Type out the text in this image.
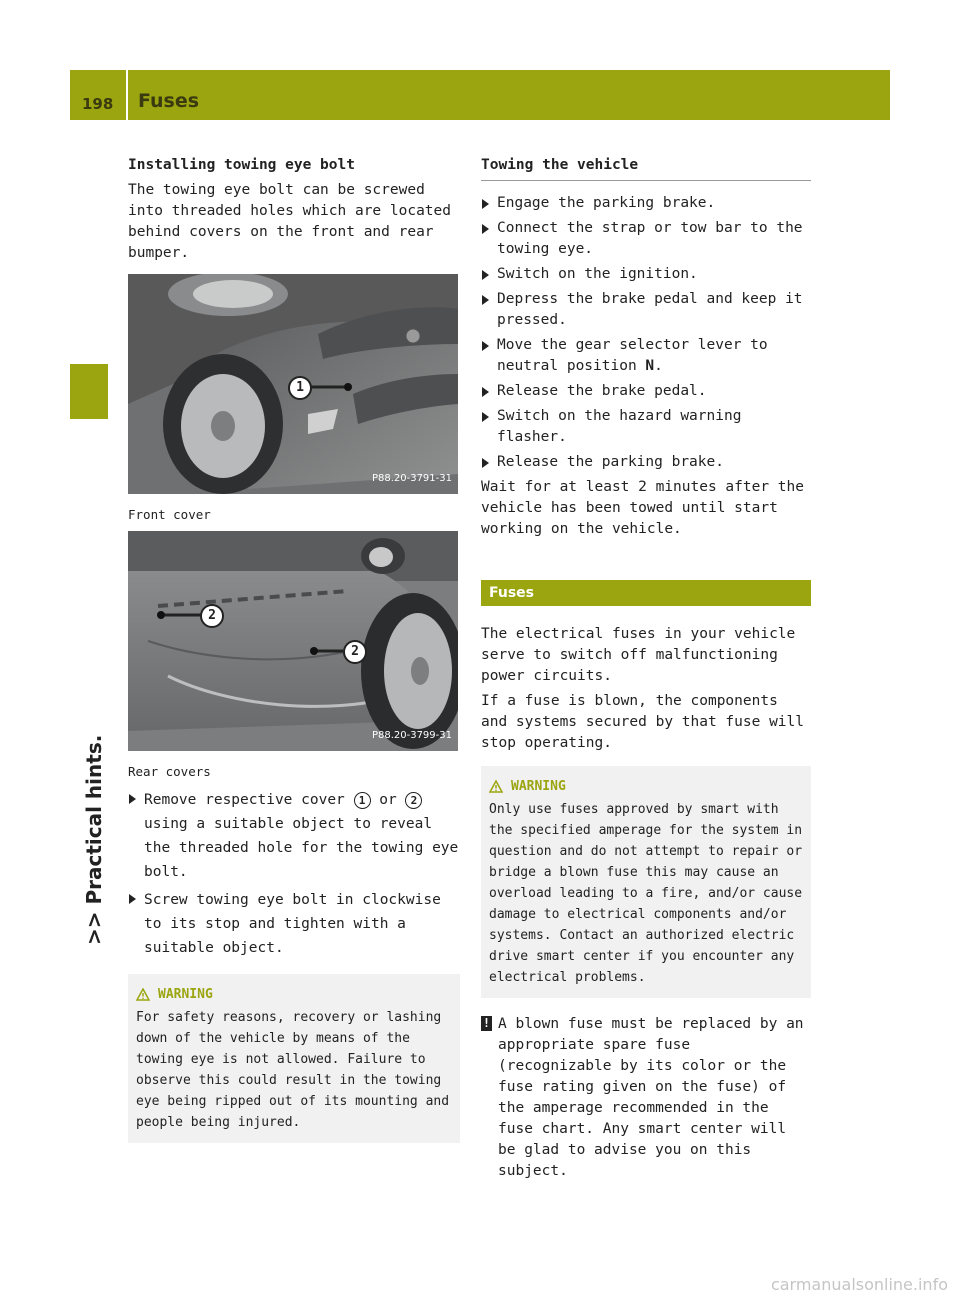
198 Fuses
>> Practical hints.
Installing towing eye bolt
The towing eye bolt can be screwed into threaded holes which are located behind covers on the front and rear bumper.
1
P88.20-3791-31
Front cover
2
2
P88.20-3799-31
Rear covers
Remove respective cover 1 or 2 using a suitable object to reveal the threaded hole for the towing eye bolt.
Screw towing eye bolt in clockwise to its stop and tighten with a suitable object.
WARNING
For safety reasons, recovery or lashing down of the vehicle by means of the towing eye is not allowed. Failure to observe this could result in the towing eye being ripped out of its mounting and people being injured.
Towing the vehicle
Engage the parking brake.
Connect the strap or tow bar to the towing eye.
Switch on the ignition.
Depress the brake pedal and keep it pressed.
Move the gear selector lever to neutral position N.
Release the brake pedal.
Switch on the hazard warning flasher.
Release the parking brake.
Wait for at least 2 minutes after the vehicle has been towed until start working on the vehicle.
Fuses
The electrical fuses in your vehicle serve to switch off malfunctioning power circuits.
If a fuse is blown, the components and systems secured by that fuse will stop operating.
WARNING
Only use fuses approved by smart with the specified amperage for the system in question and do not attempt to repair or bridge a blown fuse this may cause an overload leading to a fire, and/or cause damage to electrical components and/or systems. Contact an authorized electric drive smart center if you encounter any electrical problems.
! A blown fuse must be replaced by an appropriate spare fuse (recognizable by its color or the fuse rating given on the fuse) of the amperage recommended in the fuse chart. Any smart center will be glad to advise you on this subject.
carmanualsonline.info
